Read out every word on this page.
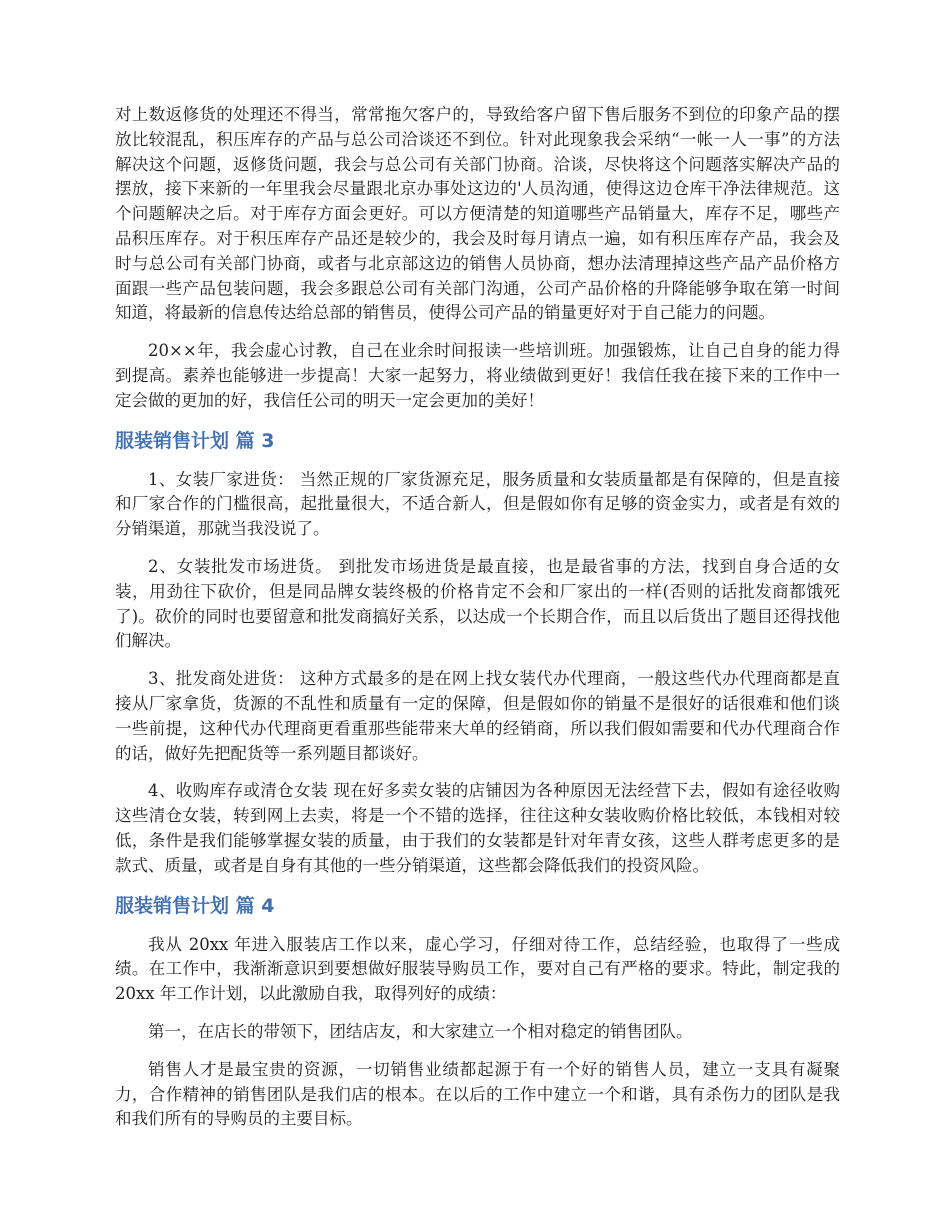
对上数返修货的处理还不得当，常常拖欠客户的，导致给客户留下售后服务不到位的印象产品的摆放比较混乱，积压库存的产品与总公司洽谈还不到位。针对此现象我会采纳“一帐一人一事”的方法解决这个问题，返修货问题，我会与总公司有关部门协商。洽谈，尽快将这个问题落实解决产品的摆放，接下来新的一年里我会尽量跟北京办事处这边的'人员沟通，使得这边仓库干净法律规范。这个问题解决之后。对于库存方面会更好。可以方便清楚的知道哪些产品销量大，库存不足，哪些产品积压库存。对于积压库存产品还是较少的，我会及时每月请点一遍，如有积压库存产品，我会及时与总公司有关部门协商，或者与北京部这边的销售人员协商，想办法清理掉这些产品产品价格方面跟一些产品包装问题，我会多跟总公司有关部门沟通，公司产品价格的升降能够争取在第一时间知道，将最新的信息传达给总部的销售员，使得公司产品的销量更好对于自己能力的问题。

20××年，我会虚心讨教，自己在业余时间报读一些培训班。加强锻炼，让自己自身的能力得到提高。素养也能够进一步提高！大家一起努力，将业绩做到更好！我信任我在接下来的工作中一定会做的更加的好，我信任公司的明天一定会更加的美好！

服装销售计划 篇 3

1、女装厂家进货： 当然正规的厂家货源充足，服务质量和女装质量都是有保障的，但是直接和厂家合作的门槛很高，起批量很大，不适合新人，但是假如你有足够的资金实力，或者是有效的分销渠道，那就当我没说了。

2、女装批发市场进货。 到批发市场进货是最直接，也是最省事的方法，找到自身合适的女装，用劲往下砍价，但是同品牌女装终极的价格肯定不会和厂家出的一样(否则的话批发商都饿死了)。砍价的同时也要留意和批发商搞好关系，以达成一个长期合作，而且以后货出了题目还得找他们解决。

3、批发商处进货： 这种方式最多的是在网上找女装代办代理商，一般这些代办代理商都是直接从厂家拿货，货源的不乱性和质量有一定的保障，但是假如你的销量不是很好的话很难和他们谈一些前提，这种代办代理商更看重那些能带来大单的经销商，所以我们假如需要和代办代理商合作的话，做好先把配货等一系列题目都谈好。

4、收购库存或清仓女装 现在好多卖女装的店铺因为各种原因无法经营下去，假如有途径收购这些清仓女装，转到网上去卖，将是一个不错的选择，往往这种女装收购价格比较低，本钱相对较低，条件是我们能够掌握女装的质量，由于我们的女装都是针对年青女孩，这些人群考虑更多的是款式、质量，或者是自身有其他的一些分销渠道，这些都会降低我们的投资风险。

服装销售计划 篇 4

我从 20xx 年进入服装店工作以来，虚心学习，仔细对待工作，总结经验，也取得了一些成绩。在工作中，我渐渐意识到要想做好服装导购员工作，要对自己有严格的要求。特此，制定我的 20xx 年工作计划，以此激励自我，取得列好的成绩：

第一，在店长的带领下，团结店友，和大家建立一个相对稳定的销售团队。

销售人才是最宝贵的资源，一切销售业绩都起源于有一个好的销售人员，建立一支具有凝聚力，合作精神的销售团队是我们店的根本。在以后的工作中建立一个和谐，具有杀伤力的团队是我和我们所有的导购员的主要目标。
